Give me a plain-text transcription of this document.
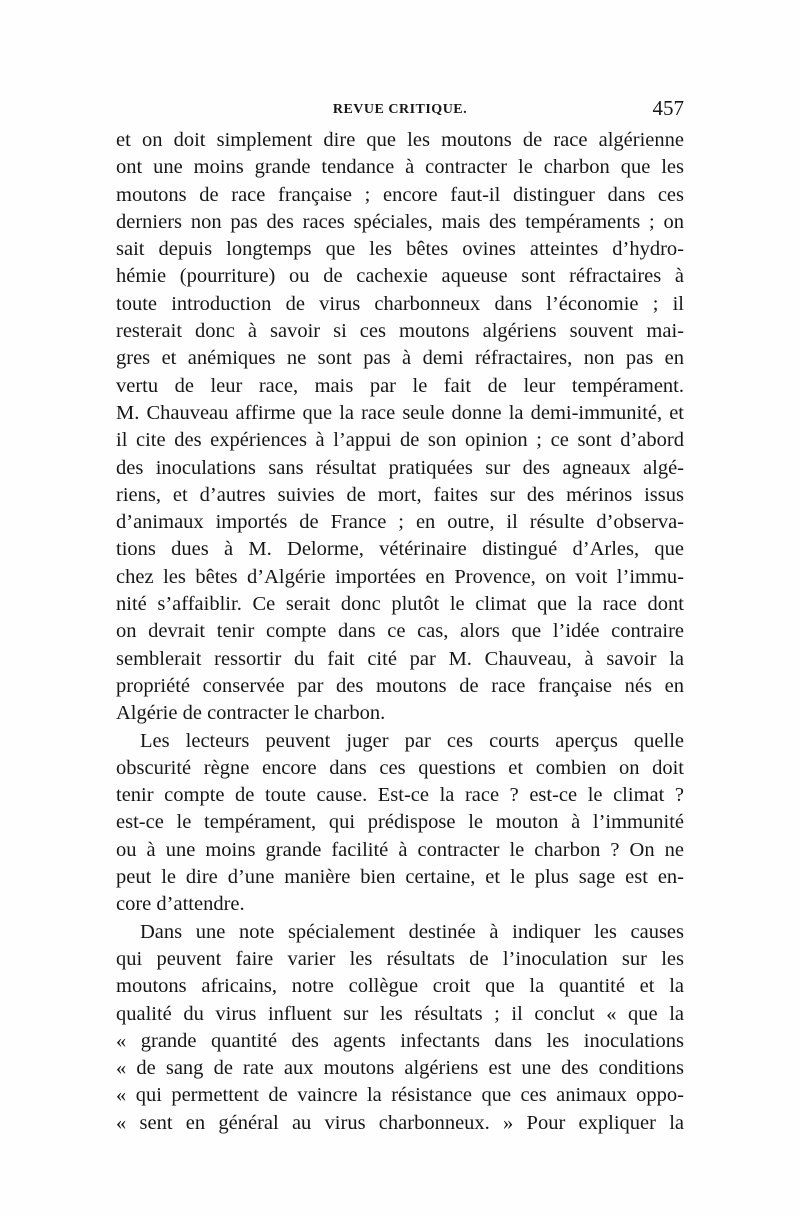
REVUE CRITIQUE.	457
et on doit simplement dire que les moutons de race algérienne
ont une moins grande tendance à contracter le charbon que les
moutons de race française ; encore faut-il distinguer dans ces
derniers non pas des races spéciales, mais des tempéraments ; on
sait depuis longtemps que les bêtes ovines atteintes d’hydro-
hémie (pourriture) ou de cachexie aqueuse sont réfractaires à
toute introduction de virus charbonneux dans l’économie ; il
resterait donc à savoir si ces moutons algériens souvent mai-
gres et anémiques ne sont pas à demi réfractaires, non pas en
vertu de leur race, mais par le fait de leur tempérament.
M. Chauveau affirme que la race seule donne la demi-immunité, et
il cite des expériences à l’appui de son opinion ; ce sont d’abord
des inoculations sans résultat pratiquées sur des agneaux algé-
riens, et d’autres suivies de mort, faites sur des mérinos issus
d’animaux importés de France ; en outre, il résulte d’observa-
tions dues à M. Delorme, vétérinaire distingué d’Arles, que
chez les bêtes d’Algérie importées en Provence, on voit l’immu-
nité s’affaiblir. Ce serait donc plutôt le climat que la race dont
on devrait tenir compte dans ce cas, alors que l’idée contraire
semblerait ressortir du fait cité par M. Chauveau, à savoir la
propriété conservée par des moutons de race française nés en
Algérie de contracter le charbon.
Les lecteurs peuvent juger par ces courts aperçus quelle
obscurité règne encore dans ces questions et combien on doit
tenir compte de toute cause. Est-ce la race ? est-ce le climat ?
est-ce le tempérament, qui prédispose le mouton à l’immunité
ou à une moins grande facilité à contracter le charbon ? On ne
peut le dire d’une manière bien certaine, et le plus sage est en-
core d’attendre.
Dans une note spécialement destinée à indiquer les causes
qui peuvent faire varier les résultats de l’inoculation sur les
moutons africains, notre collègue croit que la quantité et la
qualité du virus influent sur les résultats ; il conclut « que la
« grande quantité des agents infectants dans les inoculations
« de sang de rate aux moutons algériens est une des conditions
« qui permettent de vaincre la résistance que ces animaux oppo-
« sent en général au virus charbonneux. » Pour expliquer la
